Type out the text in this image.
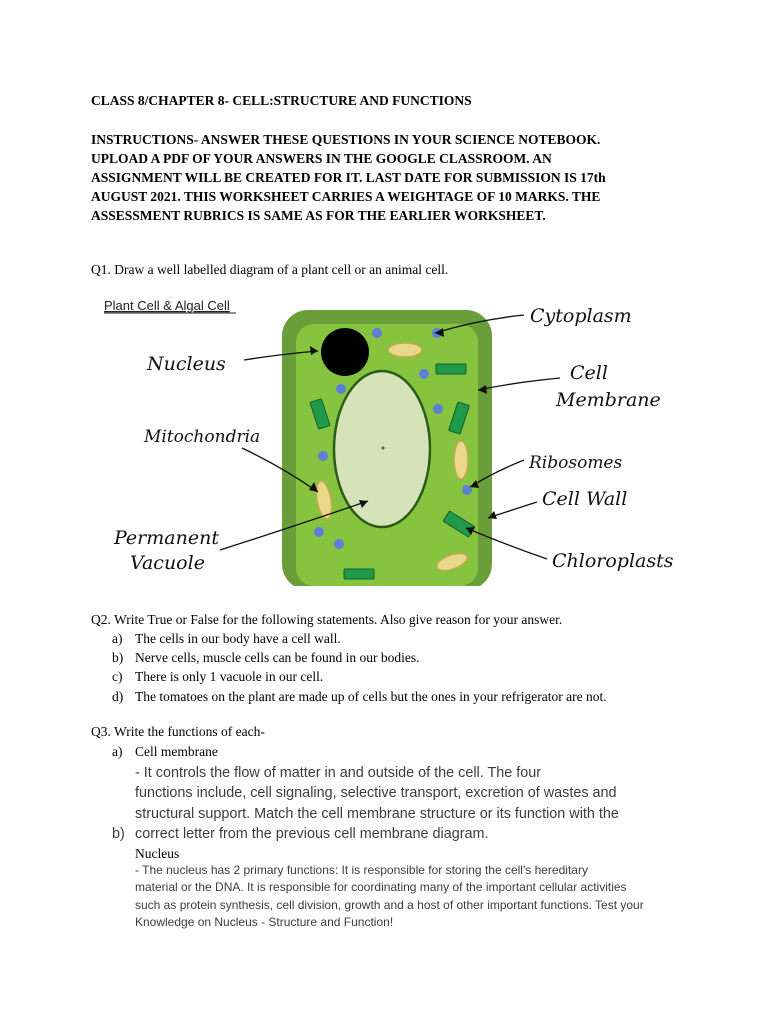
CLASS 8/CHAPTER 8- CELL:STRUCTURE AND FUNCTIONS

INSTRUCTIONS- ANSWER THESE QUESTIONS IN YOUR SCIENCE NOTEBOOK.
UPLOAD A PDF OF YOUR ANSWERS IN THE GOOGLE CLASSROOM. AN
ASSIGNMENT WILL BE CREATED FOR IT. LAST DATE FOR SUBMISSION IS 17th
AUGUST 2021. THIS WORKSHEET CARRIES A WEIGHTAGE OF 10 MARKS. THE
ASSESSMENT RUBRICS IS SAME AS FOR THE EARLIER WORKSHEET.

Q1. Draw a well labelled diagram of a plant cell or an animal cell.
Plant Cell & Algal Cell
Nucleus
Mitochondria
Permanent
Vacuole
Cytoplasm
Cell
Membrane
Ribosomes
Cell Wall
Chloroplasts
Q2. Write True or False for the following statements. Also give reason for your answer.
a) The cells in our body have a cell wall.
b) Nerve cells, muscle cells can be found in our bodies.
c) There is only 1 vacuole in our cell.
d) The tomatoes on the plant are made up of cells but the ones in your refrigerator are not.
Q3. Write the functions of each-
a) Cell membrane
- It controls the flow of matter in and outside of the cell. The four
functions include, cell signaling, selective transport, excretion of wastes and
structural support. Match the cell membrane structure or its function with the
correct letter from the previous cell membrane diagram.

b)

Nucleus
- The nucleus has 2 primary functions: It is responsible for storing the cell's hereditary
material or the DNA. It is responsible for coordinating many of the important cellular activities
such as protein synthesis, cell division, growth and a host of other important functions. Test your
Knowledge on Nucleus - Structure and Function!
